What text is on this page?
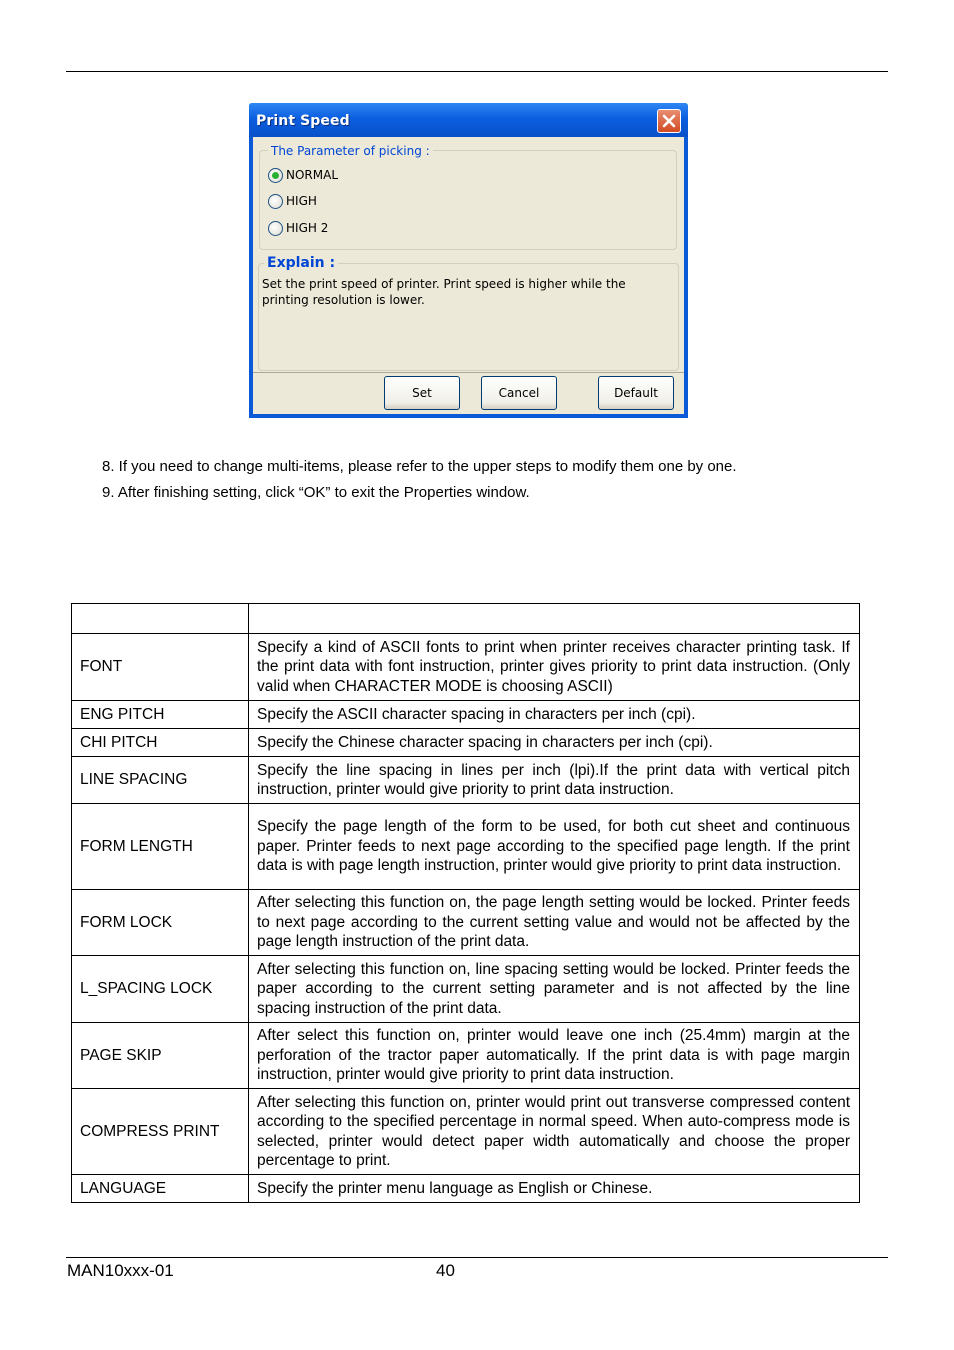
Print Speed
The Parameter of picking :
NORMAL
HIGH
HIGH 2
Explain :
Set the print speed of printer. Print speed is higher while the printing resolution is lower.
Set	Cancel	Default
8. If you need to change multi-items, please refer to the upper steps to modify them one by one.
9. After finishing setting, click “OK” to exit the Properties window.

FONT	Specify a kind of ASCII fonts to print when printer receives character printing task. If the print data with font instruction, printer gives priority to print data instruction. (Only valid when CHARACTER MODE is choosing ASCII)
ENG PITCH	Specify the ASCII character spacing in characters per inch (cpi).
CHI PITCH	Specify the Chinese character spacing in characters per inch (cpi).
LINE SPACING	Specify the line spacing in lines per inch (lpi).If the print data with vertical pitch instruction, printer would give priority to print data instruction.
FORM LENGTH	Specify the page length of the form to be used, for both cut sheet and continuous paper. Printer feeds to next page according to the specified page length. If the print data is with page length instruction, printer would give priority to print data instruction.
FORM LOCK	After selecting this function on, the page length setting would be locked. Printer feeds to next page according to the current setting value and would not be affected by the page length instruction of the print data.
L_SPACING LOCK	After selecting this function on, line spacing setting would be locked. Printer feeds the paper according to the current setting parameter and is not affected by the line spacing instruction of the print data.
PAGE SKIP	After select this function on, printer would leave one inch (25.4mm) margin at the perforation of the tractor paper automatically. If the print data is with page margin instruction, printer would give priority to print data instruction.
COMPRESS PRINT	After selecting this function on, printer would print out transverse compressed content according to the specified percentage in normal speed. When auto-compress mode is selected, printer would detect paper width automatically and choose the proper percentage to print.
LANGUAGE	Specify the printer menu language as English or Chinese.
MAN10xxx-01	40
